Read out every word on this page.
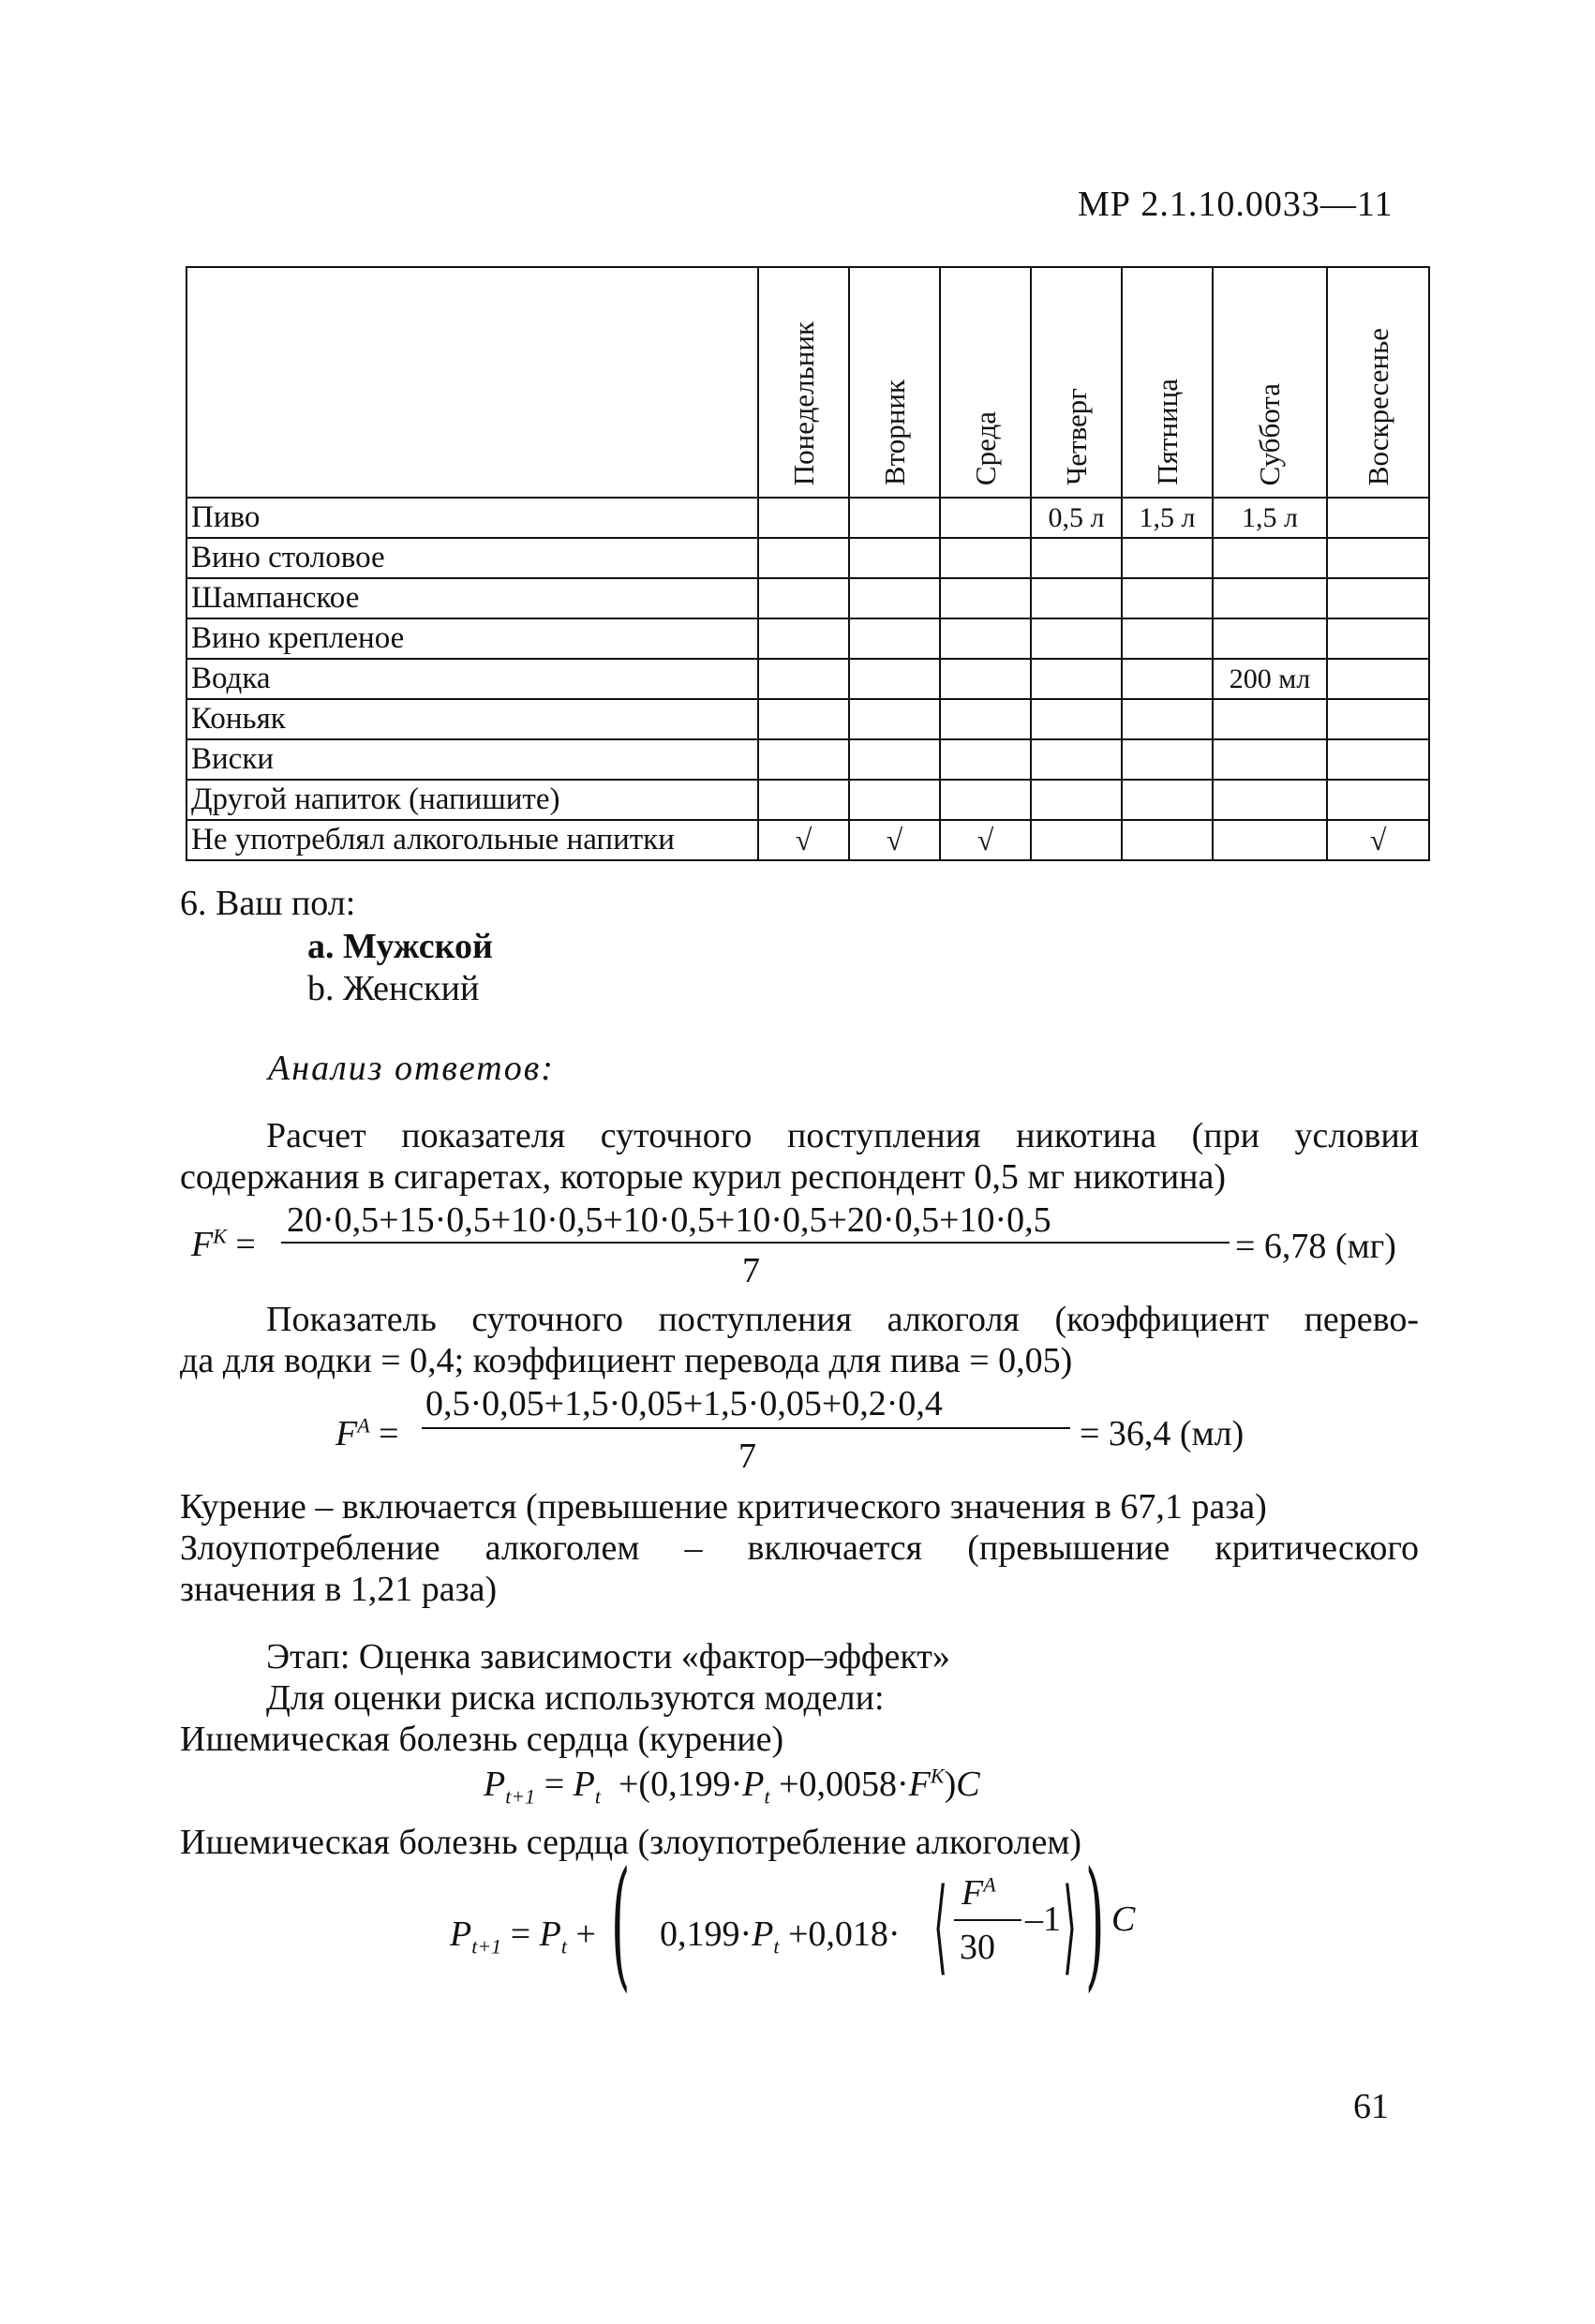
МР 2.1.10.0033—11

	Понедельник	Вторник	Среда	Четверг	Пятница	Суббота	Воскресенье

Пиво				0,5 л	1,5 л	1,5 л	
Вино столовое							
Шампанское							
Вино крепленое							
Водка						200 мл	
Коньяк							
Виски							
Другой напиток (напишите)							
Не употреблял алкогольные напитки	√	√	√				√
6. Ваш пол:
a. Мужской
b. Женский
Анализ ответов:
Расчет показателя суточного поступления никотина (при условии
содержания в сигаретах, которые курил респондент 0,5 мг никотина)
$F^K$ =
20·0,5+15·0,5+10·0,5+10·0,5+10·0,5+20·0,5+10·0,5
7
= 6,78 (мг)
Показатель суточного поступления алкоголя (коэффициент перево-
да для водки = 0,4; коэффициент перевода для пива = 0,05)
$F^A$ =
0,5·0,05+1,5·0,05+1,5·0,05+0,2·0,4
7
= 36,4 (мл)
Курение – включается (превышение критического значения в 67,1 раза)
Злоупотребление алкоголем – включается (превышение критического
значения в 1,21 раза)
Этап: Оценка зависимости «фактор–эффект»
Для оценки риска используются модели:
Ишемическая болезнь сердца (курение)
$P_{t+1} = P_t +(0,199\cdot P_t +0,0058\cdot F^K)C$
Ишемическая болезнь сердца (злоупотребление алкоголем)
$P_{t+1} = P_t$ + ( $0,199\cdot P_t +0,018\cdot$ ⟨ $F^A$
30
–1 ⟩ ) C
61
